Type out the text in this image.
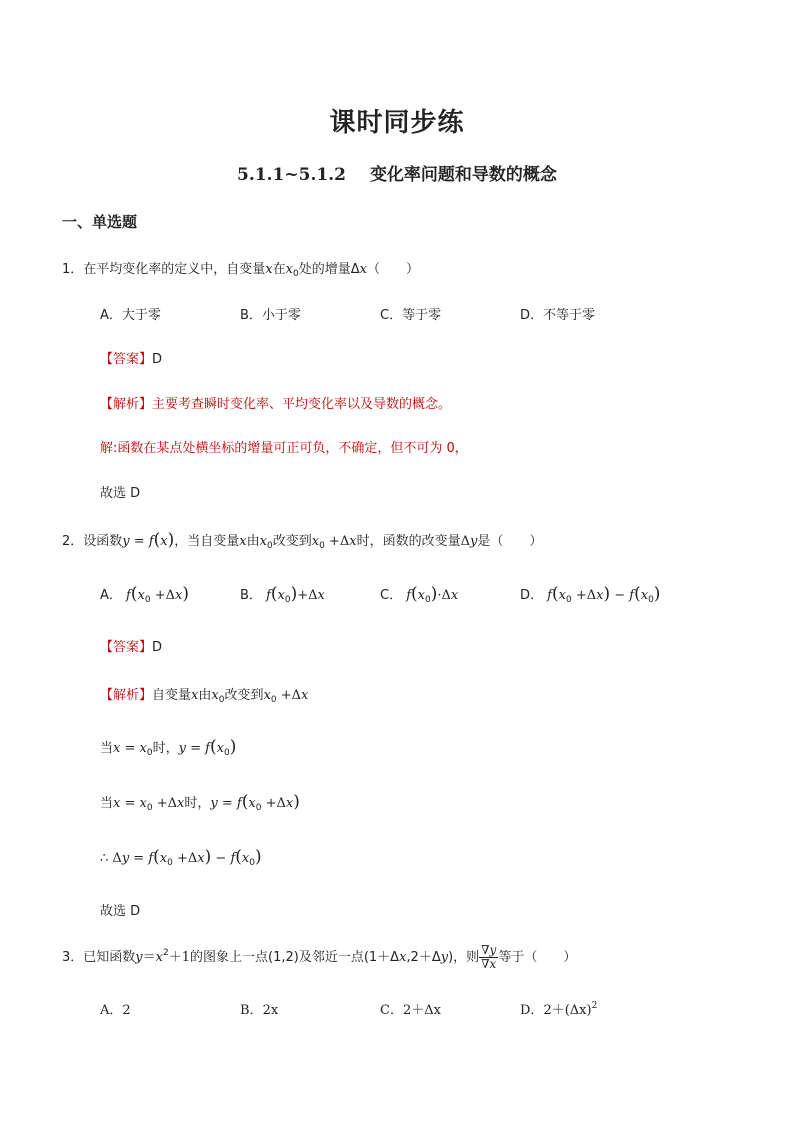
课时同步练
5.1.1~5.1.2 变化率问题和导数的概念
一、单选题
1．在平均变化率的定义中，自变量x在$x_0$处的增量Δx（　　）
A．大于零	B．小于零	C．等于零	D．不等于零
【答案】D
【解析】主要考查瞬时变化率、平均变化率以及导数的概念。
解:函数在某点处横坐标的增量可正可负，不确定，但不可为 0，
故选 D
2．设函数y = f(x)，当自变量x由$x_0$改变到$x_0 +\Delta x$时，函数的改变量Δy是（　　）
A． $f(x_0 +\Delta x)$	B． $f(x_0)+\Delta x$	C． $f(x_0)\cdot\Delta x$	D． $f(x_0 +\Delta x) - f(x_0)$
【答案】D
【解析】自变量x由$x_0$改变到$x_0 +\Delta x$
当$x = x_0$时，$y = f(x_0)$
当$x = x_0 +\Delta x$时，$y = f(x_0 +\Delta x)$
∴ $\Delta y = f(x_0 +\Delta x) - f(x_0)$
故选 D
3．已知函数$y=x^2+1$的图象上一点(1,2)及邻近一点(1＋Δx,2＋Δy)，则 $\frac{\nabla y}{\nabla x}$ 等于（　　）
A．2	B．2x	C．2＋Δx	D．$2+(\Delta x)^2$
